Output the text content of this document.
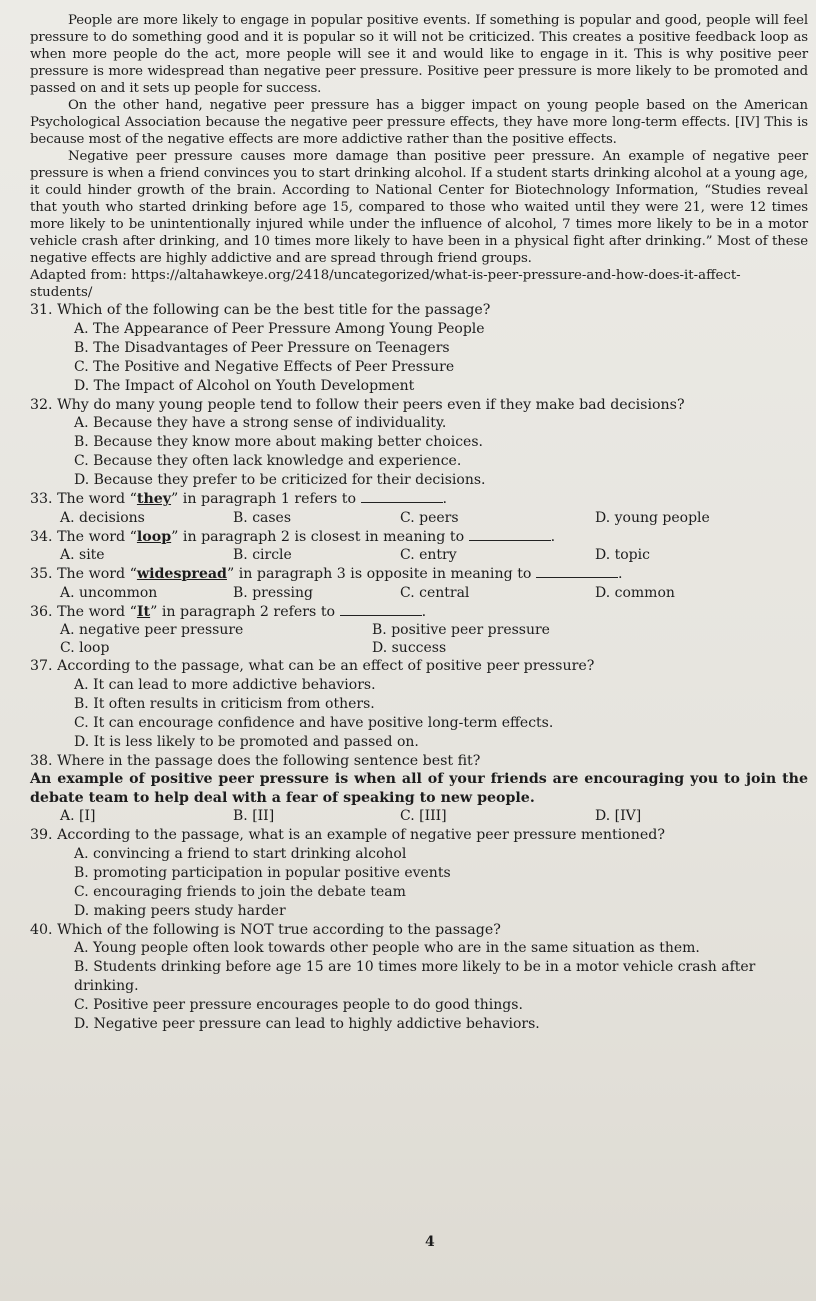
People are more likely to engage in popular positive events. If something is popular and good, people will feel pressure to do something good and it is popular so it will not be criticized. This creates a positive feedback loop as when more people do the act, more people will see it and would like to engage in it. This is why positive peer pressure is more widespread than negative peer pressure. Positive peer pressure is more likely to be promoted and passed on and it sets up people for success.

On the other hand, negative peer pressure has a bigger impact on young people based on the American Psychological Association because the negative peer pressure effects, they have more long-term effects. [IV] This is because most of the negative effects are more addictive rather than the positive effects.

Negative peer pressure causes more damage than positive peer pressure. An example of negative peer pressure is when a friend convinces you to start drinking alcohol. If a student starts drinking alcohol at a young age, it could hinder growth of the brain. According to National Center for Biotechnology Information, “Studies reveal that youth who started drinking before age 15, compared to those who waited until they were 21, were 12 times more likely to be unintentionally injured while under the influence of alcohol, 7 times more likely to be in a motor vehicle crash after drinking, and 10 times more likely to have been in a physical fight after drinking.” Most of these negative effects are highly addictive and are spread through friend groups.

Adapted from: https://altahawkeye.org/2418/uncategorized/what-is-peer-pressure-and-how-does-it-affect-
students/

31. Which of the following can be the best title for the passage?
A. The Appearance of Peer Pressure Among Young People
B. The Disadvantages of Peer Pressure on Teenagers
C. The Positive and Negative Effects of Peer Pressure
D. The Impact of Alcohol on Youth Development
32. Why do many young people tend to follow their peers even if they make bad decisions?
A. Because they have a strong sense of individuality.
B. Because they know more about making better choices.
C. Because they often lack knowledge and experience.
D. Because they prefer to be criticized for their decisions.
33. The word “they” in paragraph 1 refers to	.
A. decisions	B. cases	C. peers	D. young people
34. The word “loop” in paragraph 2 is closest in meaning to	.
A. site	B. circle	C. entry	D. topic
35. The word “widespread” in paragraph 3 is opposite in meaning to	.
A. uncommon	B. pressing	C. central	D. common
36. The word “It” in paragraph 2 refers to	.
A. negative peer pressure	B. positive peer pressure
C. loop	D. success
37. According to the passage, what can be an effect of positive peer pressure?
A. It can lead to more addictive behaviors.
B. It often results in criticism from others.
C. It can encourage confidence and have positive long-term effects.
D. It is less likely to be promoted and passed on.
38. Where in the passage does the following sentence best fit?
An example of positive peer pressure is when all of your friends are encouraging you to join the debate team to help deal with a fear of speaking to new people.
A. [I]	B. [II]	C. [III]	D. [IV]
39. According to the passage, what is an example of negative peer pressure mentioned?
A. convincing a friend to start drinking alcohol
B. promoting participation in popular positive events
C. encouraging friends to join the debate team
D. making peers study harder
40. Which of the following is NOT true according to the passage?
A. Young people often look towards other people who are in the same situation as them.
B. Students drinking before age 15 are 10 times more likely to be in a motor vehicle crash after drinking.
C. Positive peer pressure encourages people to do good things.
D. Negative peer pressure can lead to highly addictive behaviors.
4
